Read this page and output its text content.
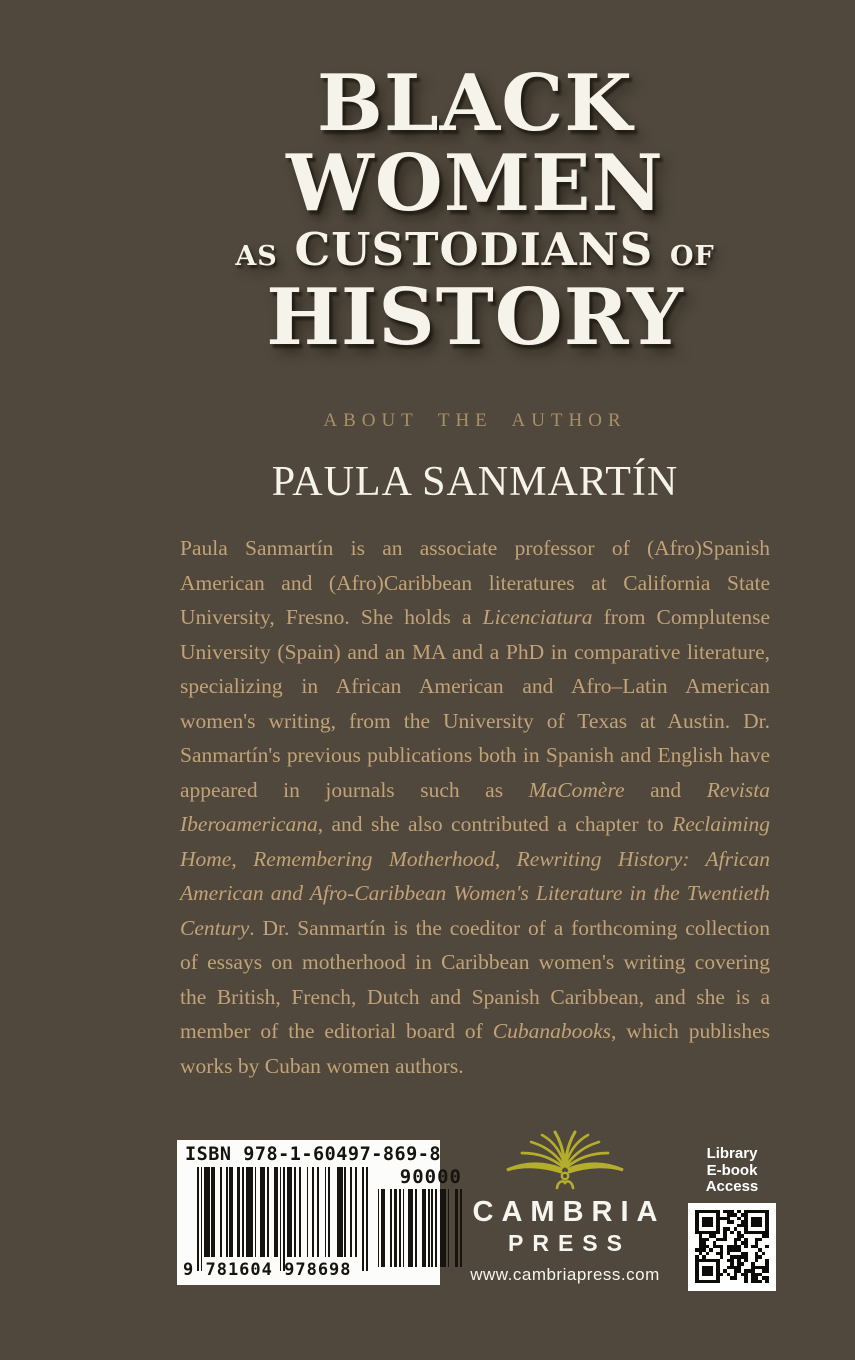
BLACK
WOMEN
AS CUSTODIANS OF
HISTORY
ABOUT THE AUTHOR
PAULA SANMARTÍN

Paula Sanmartín is an associate professor of (Afro)Spanish American and (Afro)Caribbean literatures at California State University, Fresno. She holds a Licenciatura from Complutense University (Spain) and an MA and a PhD in comparative literature, specializing in African American and Afro–Latin American women's writing, from the University of Texas at Austin. Dr. Sanmartín's previous publications both in Spanish and English have appeared in journals such as MaComère and Revista Iberoamericana, and she also contributed a chapter to Reclaiming Home, Remembering Motherhood, Rewriting History: African American and Afro-Caribbean Women's Literature in the Twentieth Century. Dr. Sanmartín is the coeditor of a forthcoming collection of essays on motherhood in Caribbean women's writing covering the British, French, Dutch and Spanish Caribbean, and she is a member of the editorial board of Cubanabooks, which publishes works by Cuban women authors.

ISBN 978-1-60497-869-8
9 781604 978698
90000
CAMBRIA
PRESS
www.cambriapress.com
Library
E-book
Access
